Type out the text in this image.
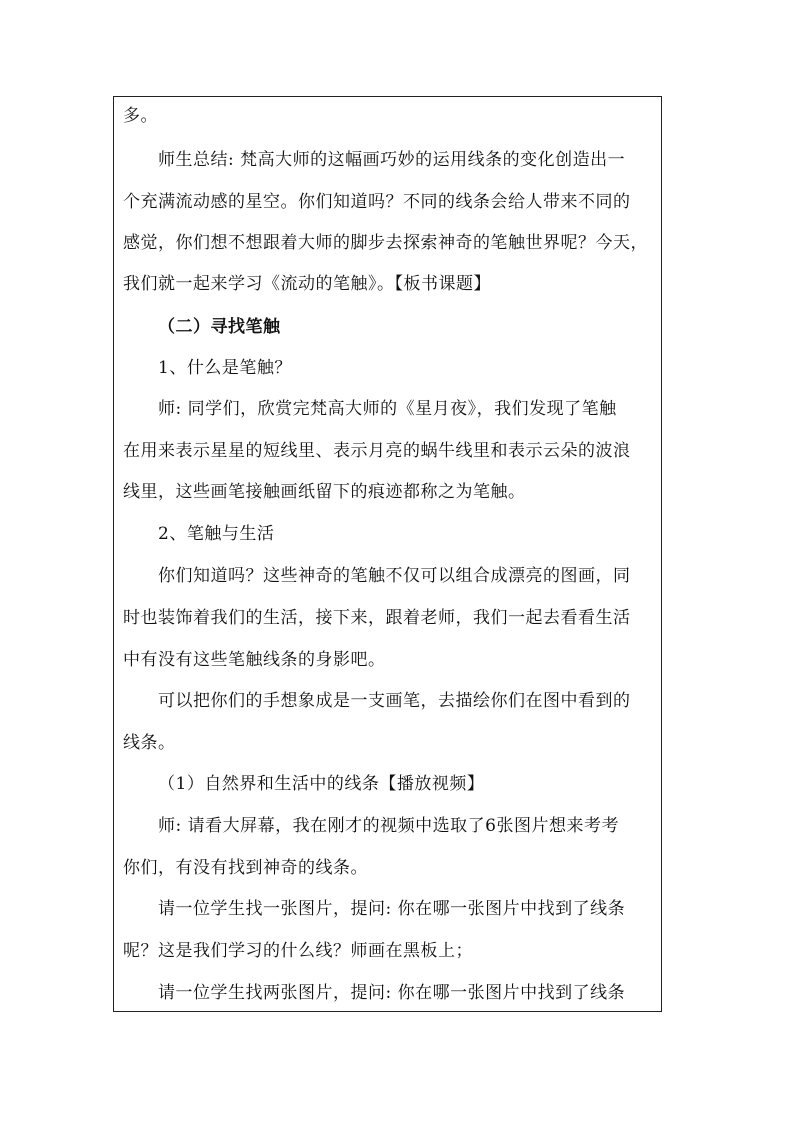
多。
师生总结: 梵高大师的这幅画巧妙的运用线条的变化创造出一
个充满流动感的星空。你们知道吗？不同的线条会给人带来不同的
感觉，你们想不想跟着大师的脚步去探索神奇的笔触世界呢？今天，
我们就一起来学习《流动的笔触》。【板书课题】
（二）寻找笔触
1、什么是笔触？
师: 同学们，欣赏完梵高大师的《星月夜》，我们发现了笔触
在用来表示星星的短线里、表示月亮的蜗牛线里和表示云朵的波浪
线里，这些画笔接触画纸留下的痕迹都称之为笔触。
2、笔触与生活
你们知道吗？这些神奇的笔触不仅可以组合成漂亮的图画，同
时也装饰着我们的生活，接下来，跟着老师，我们一起去看看生活
中有没有这些笔触线条的身影吧。
可以把你们的手想象成是一支画笔，去描绘你们在图中看到的
线条。
（1）自然界和生活中的线条【播放视频】
师: 请看大屏幕，我在刚才的视频中选取了6张图片想来考考
你们，有没有找到神奇的线条。
请一位学生找一张图片，提问: 你在哪一张图片中找到了线条
呢？这是我们学习的什么线？师画在黑板上；
请一位学生找两张图片，提问: 你在哪一张图片中找到了线条
